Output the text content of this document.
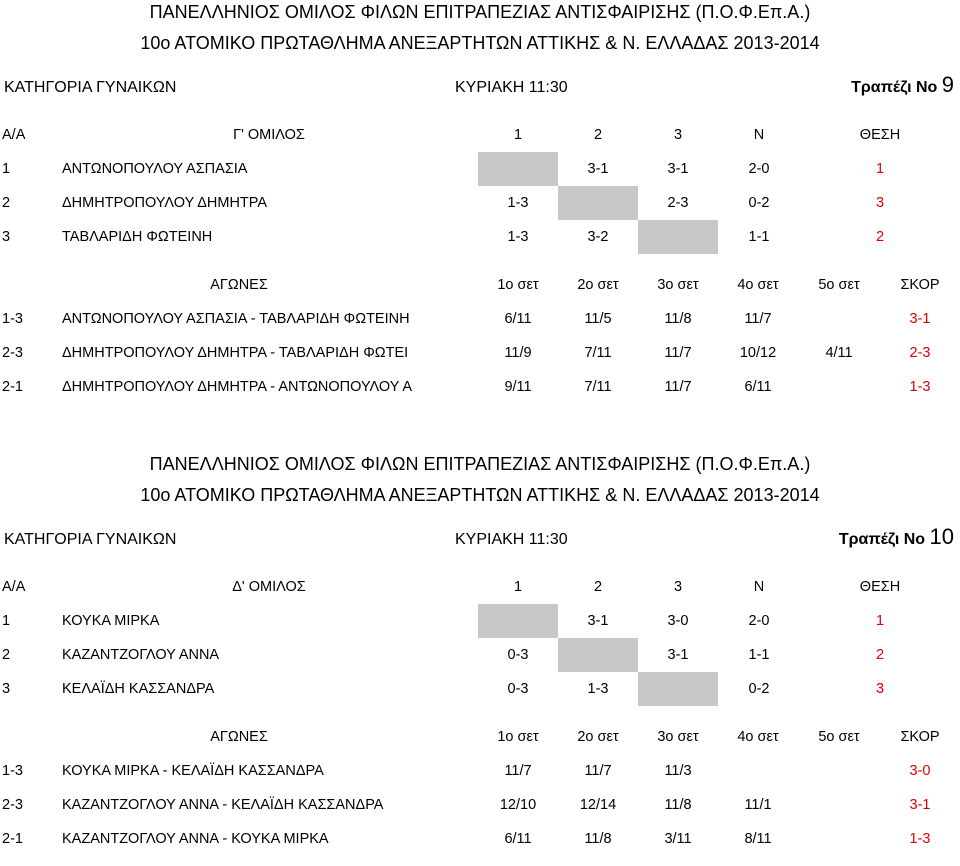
ΠΑΝΕΛΛΗΝΙΟΣ ΟΜΙΛΟΣ ΦΙΛΩΝ ΕΠΙΤΡΑΠΕΖΙΑΣ ΑΝΤΙΣΦΑΙΡΙΣΗΣ (Π.Ο.Φ.Επ.Α.)
10ο ΑΤΟΜΙΚΟ ΠΡΩΤΑΘΛΗΜΑ ΑΝΕΞΑΡΤΗΤΩΝ ΑΤΤΙΚΗΣ & Ν. ΕΛΛΑΔΑΣ 2013-2014
ΚΑΤΗΓΟΡΙΑ ΓΥΝΑΙΚΩΝ	ΚΥΡΙΑΚΗ 11:30	Τραπέζι Νο 9
Α/Α	Γ' ΟΜΙΛΟΣ	1	2	3	Ν	ΘΕΣΗ
1	ΑΝΤΩΝΟΠΟΥΛΟΥ ΑΣΠΑΣΙΑ		3-1	3-1	2-0	1
2	ΔΗΜΗΤΡΟΠΟΥΛΟΥ ΔΗΜΗΤΡΑ	1-3		2-3	0-2	3
3	ΤΑΒΛΑΡΙΔΗ ΦΩΤΕΙΝΗ	1-3	3-2		1-1	2
ΑΓΩΝΕΣ		1ο σετ	2ο σετ	3ο σετ	4ο σετ	5ο σετ	ΣΚΟΡ
1-3	ΑΝΤΩΝΟΠΟΥΛΟΥ ΑΣΠΑΣΙΑ - ΤΑΒΛΑΡΙΔΗ ΦΩΤΕΙΝΗ	6/11	11/5	11/8	11/7		3-1
2-3	ΔΗΜΗΤΡΟΠΟΥΛΟΥ ΔΗΜΗΤΡΑ - ΤΑΒΛΑΡΙΔΗ ΦΩΤΕΙ	11/9	7/11	11/7	10/12	4/11	2-3
2-1	ΔΗΜΗΤΡΟΠΟΥΛΟΥ ΔΗΜΗΤΡΑ - ΑΝΤΩΝΟΠΟΥΛΟΥ Α	9/11	7/11	11/7	6/11		1-3
ΠΑΝΕΛΛΗΝΙΟΣ ΟΜΙΛΟΣ ΦΙΛΩΝ ΕΠΙΤΡΑΠΕΖΙΑΣ ΑΝΤΙΣΦΑΙΡΙΣΗΣ (Π.Ο.Φ.Επ.Α.)
10ο ΑΤΟΜΙΚΟ ΠΡΩΤΑΘΛΗΜΑ ΑΝΕΞΑΡΤΗΤΩΝ ΑΤΤΙΚΗΣ & Ν. ΕΛΛΑΔΑΣ 2013-2014
ΚΑΤΗΓΟΡΙΑ ΓΥΝΑΙΚΩΝ	ΚΥΡΙΑΚΗ 11:30	Τραπέζι Νο 10
Α/Α	Δ' ΟΜΙΛΟΣ	1	2	3	Ν	ΘΕΣΗ
1	ΚΟΥΚΑ ΜΙΡΚΑ		3-1	3-0	2-0	1
2	ΚΑΖΑΝΤΖΟΓΛΟΥ ΑΝΝΑ	0-3		3-1	1-1	2
3	ΚΕΛΑΪΔΗ ΚΑΣΣΑΝΔΡΑ	0-3	1-3		0-2	3
ΑΓΩΝΕΣ		1ο σετ	2ο σετ	3ο σετ	4ο σετ	5ο σετ	ΣΚΟΡ
1-3	ΚΟΥΚΑ ΜΙΡΚΑ - ΚΕΛΑΪΔΗ ΚΑΣΣΑΝΔΡΑ	11/7	11/7	11/3			3-0
2-3	ΚΑΖΑΝΤΖΟΓΛΟΥ ΑΝΝΑ - ΚΕΛΑΪΔΗ ΚΑΣΣΑΝΔΡΑ	12/10	12/14	11/8	11/1		3-1
2-1	ΚΑΖΑΝΤΖΟΓΛΟΥ ΑΝΝΑ - ΚΟΥΚΑ ΜΙΡΚΑ	6/11	11/8	3/11	8/11		1-3
